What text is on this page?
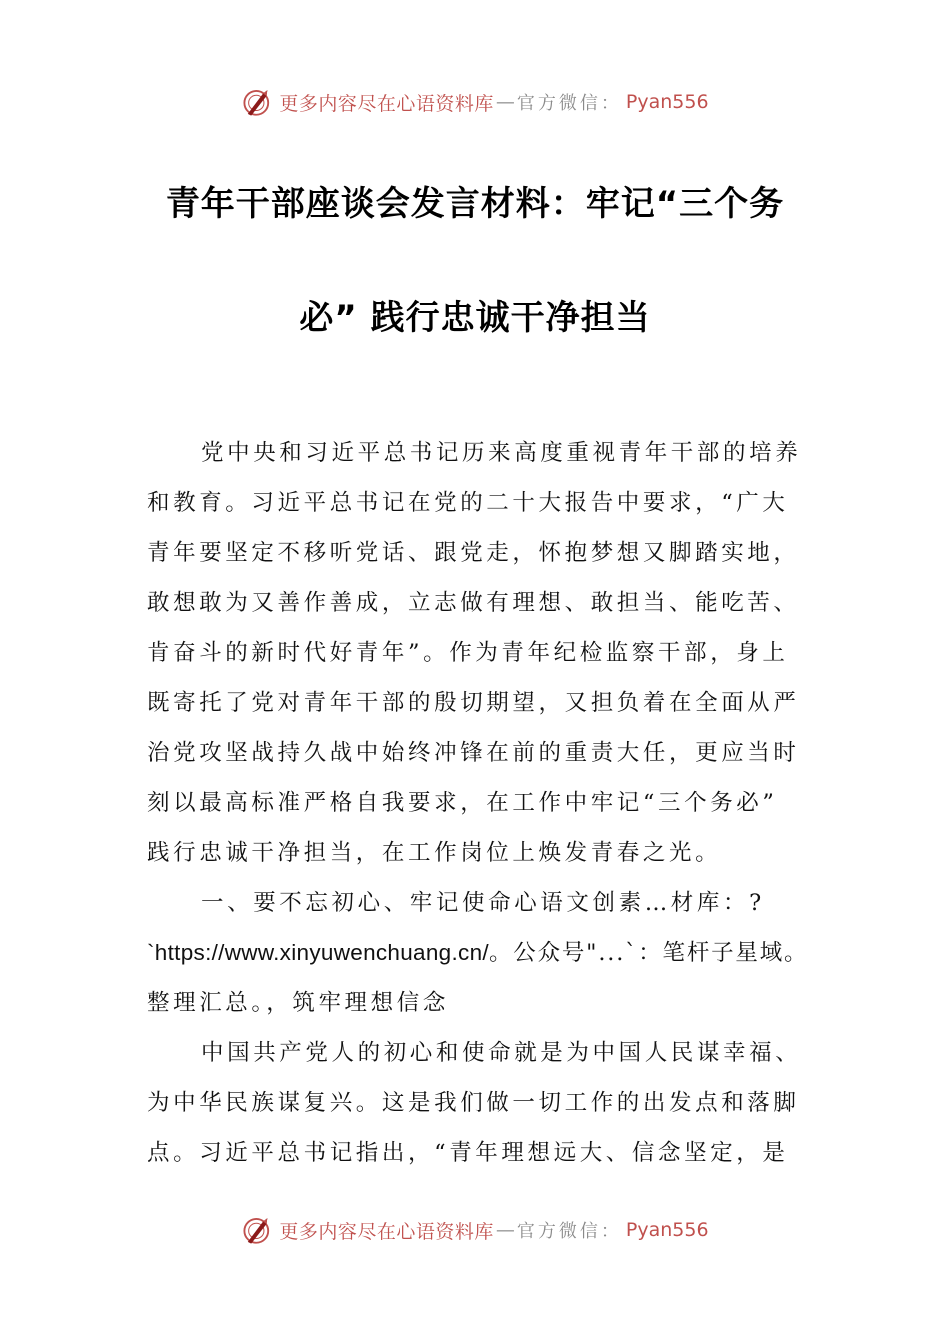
更多内容尽在心语资料库 — 官方微信： Pyan556
青年干部座谈会发言材料：牢记“三个务
必” 践行忠诚干净担当
党中央和习近平总书记历来高度重视青年干部的培养
和教育。习近平总书记在党的二十大报告中要求，“广大
青年要坚定不移听党话、跟党走，怀抱梦想又脚踏实地，
敢想敢为又善作善成，立志做有理想、敢担当、能吃苦、
肯奋斗的新时代好青年”。作为青年纪检监察干部，身上
既寄托了党对青年干部的殷切期望，又担负着在全面从严
治党攻坚战持久战中始终冲锋在前的重责大任，更应当时
刻以最高标准严格自我要求，在工作中牢记“三个务必”
践行忠诚干净担当，在工作岗位上焕发青春之光。
一、要不忘初心、牢记使命心语文创素…材库：?
`https://www.xinyuwenchuang.cn/。公众号"...`：笔杆子星域。
整理汇总。，筑牢理想信念
中国共产党人的初心和使命就是为中国人民谋幸福、
为中华民族谋复兴。这是我们做一切工作的出发点和落脚
点。习近平总书记指出，“青年理想远大、信念坚定，是
更多内容尽在心语资料库 — 官方微信： Pyan556
